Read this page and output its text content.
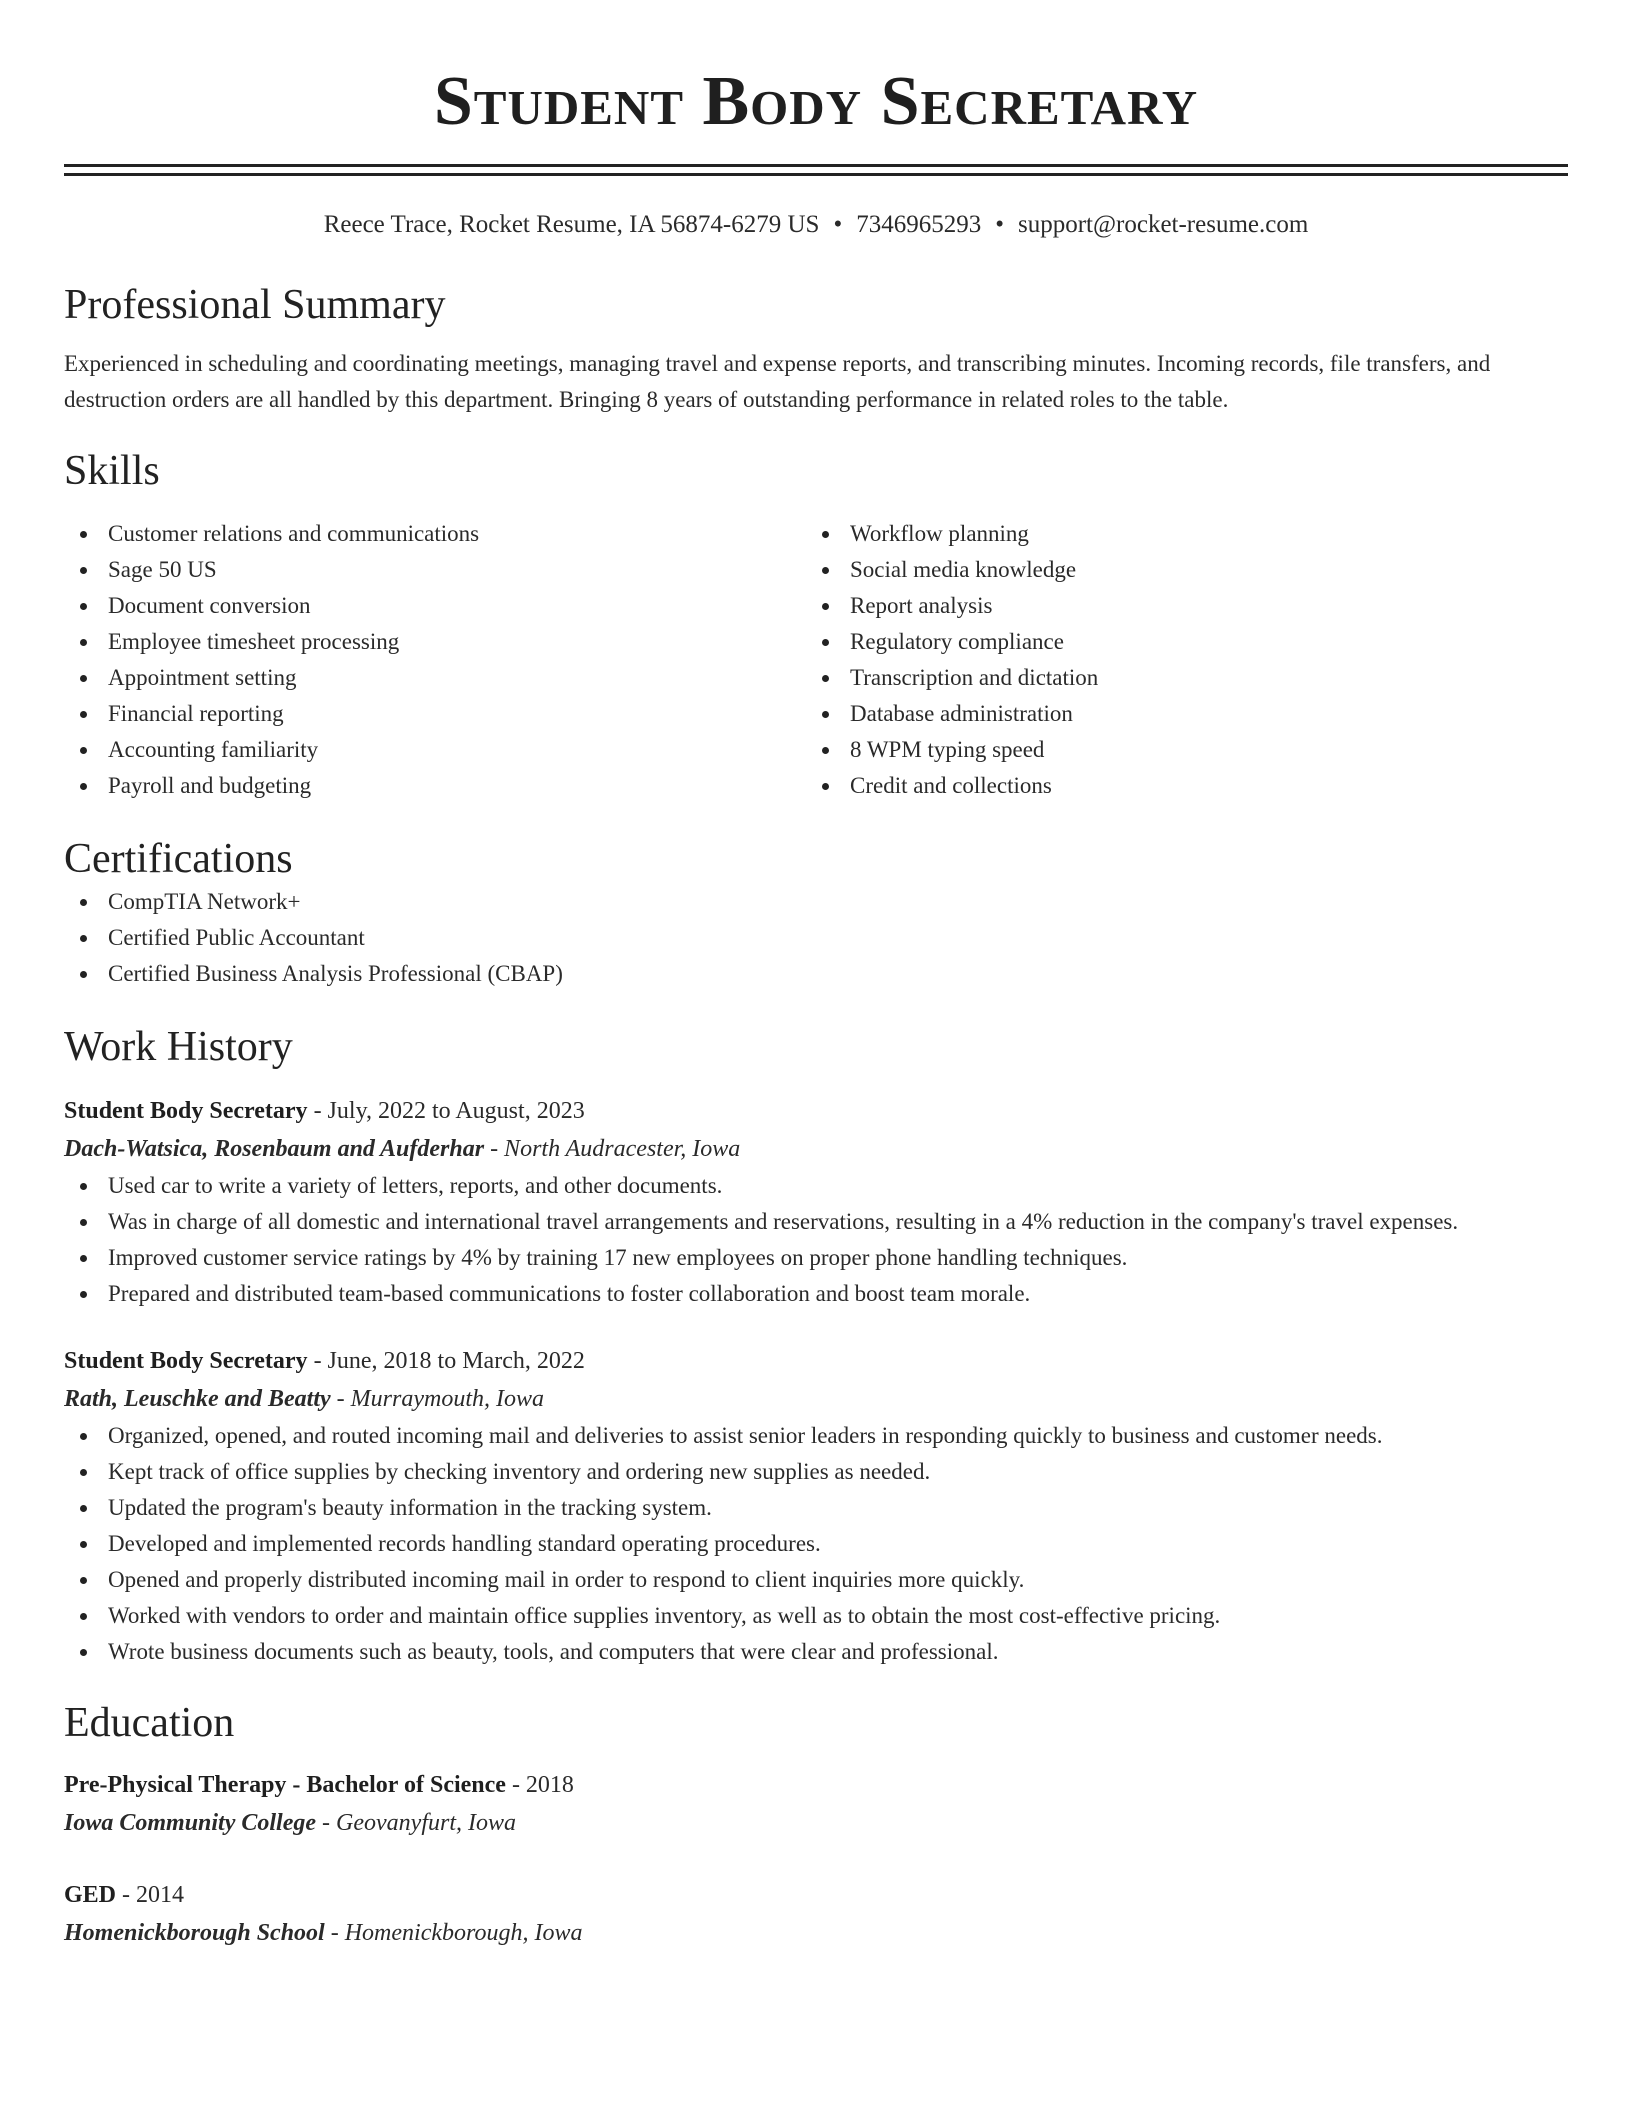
Student Body Secretary
Reece Trace, Rocket Resume, IA 56874-6279 US • 7346965293 • support@rocket-resume.com
Professional Summary

Experienced in scheduling and coordinating meetings, managing travel and expense reports, and transcribing minutes. Incoming records, file transfers, and destruction orders are all handled by this department. Bringing 8 years of outstanding performance in related roles to the table.

Skills
Customer relations and communications
Sage 50 US
Document conversion
Employee timesheet processing
Appointment setting
Financial reporting
Accounting familiarity
Payroll and budgeting
Workflow planning
Social media knowledge
Report analysis
Regulatory compliance
Transcription and dictation
Database administration
8 WPM typing speed
Credit and collections
Certifications
CompTIA Network+
Certified Public Accountant
Certified Business Analysis Professional (CBAP)
Work History
Student Body Secretary - July, 2022 to August, 2023
Dach-Watsica, Rosenbaum and Aufderhar - North Audracester, Iowa
Used car to write a variety of letters, reports, and other documents.
Was in charge of all domestic and international travel arrangements and reservations, resulting in a 4% reduction in the company's travel expenses.
Improved customer service ratings by 4% by training 17 new employees on proper phone handling techniques.
Prepared and distributed team-based communications to foster collaboration and boost team morale.
Student Body Secretary - June, 2018 to March, 2022
Rath, Leuschke and Beatty - Murraymouth, Iowa
Organized, opened, and routed incoming mail and deliveries to assist senior leaders in responding quickly to business and customer needs.
Kept track of office supplies by checking inventory and ordering new supplies as needed.
Updated the program's beauty information in the tracking system.
Developed and implemented records handling standard operating procedures.
Opened and properly distributed incoming mail in order to respond to client inquiries more quickly.
Worked with vendors to order and maintain office supplies inventory, as well as to obtain the most cost-effective pricing.
Wrote business documents such as beauty, tools, and computers that were clear and professional.
Education
Pre-Physical Therapy - Bachelor of Science - 2018
Iowa Community College - Geovanyfurt, Iowa
GED - 2014
Homenickborough School - Homenickborough, Iowa
